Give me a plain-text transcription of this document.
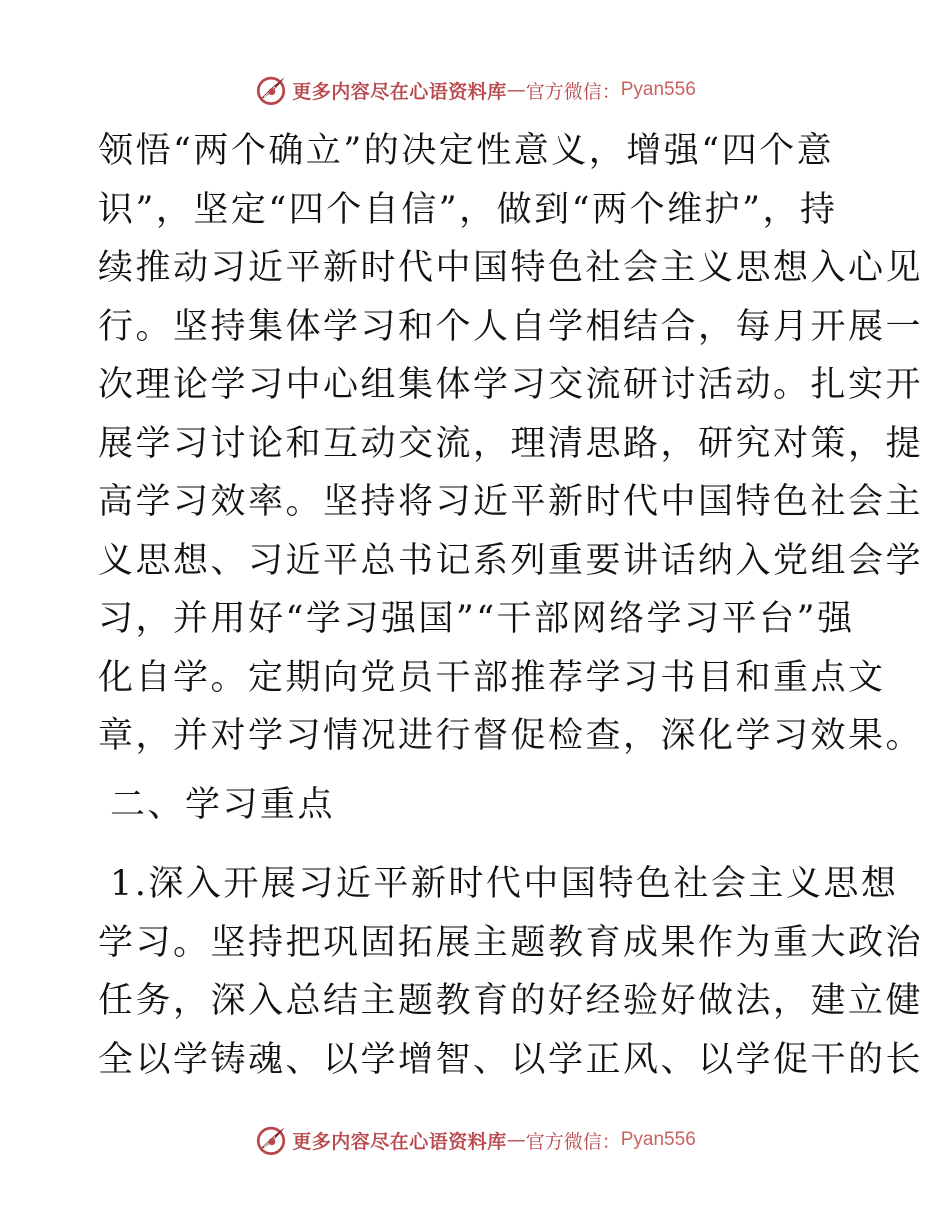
更多内容尽在心语资料库 — 官方微信： Pyan556
领悟“两个确立”的决定性意义，增强“四个意
识”，坚定“四个自信”，做到“两个维护”，持
续推动习近平新时代中国特色社会主义思想入心见
行。坚持集体学习和个人自学相结合，每月开展一
次理论学习中心组集体学习交流研讨活动。扎实开
展学习讨论和互动交流，理清思路，研究对策，提
高学习效率。坚持将习近平新时代中国特色社会主
义思想、习近平总书记系列重要讲话纳入党组会学
习，并用好“学习强国”“干部网络学习平台”强
化自学。定期向党员干部推荐学习书目和重点文
章，并对学习情况进行督促检查，深化学习效果。
二、学习重点
1.深入开展习近平新时代中国特色社会主义思想
学习。坚持把巩固拓展主题教育成果作为重大政治
任务，深入总结主题教育的好经验好做法，建立健
全以学铸魂、以学增智、以学正风、以学促干的长
更多内容尽在心语资料库 — 官方微信： Pyan556
